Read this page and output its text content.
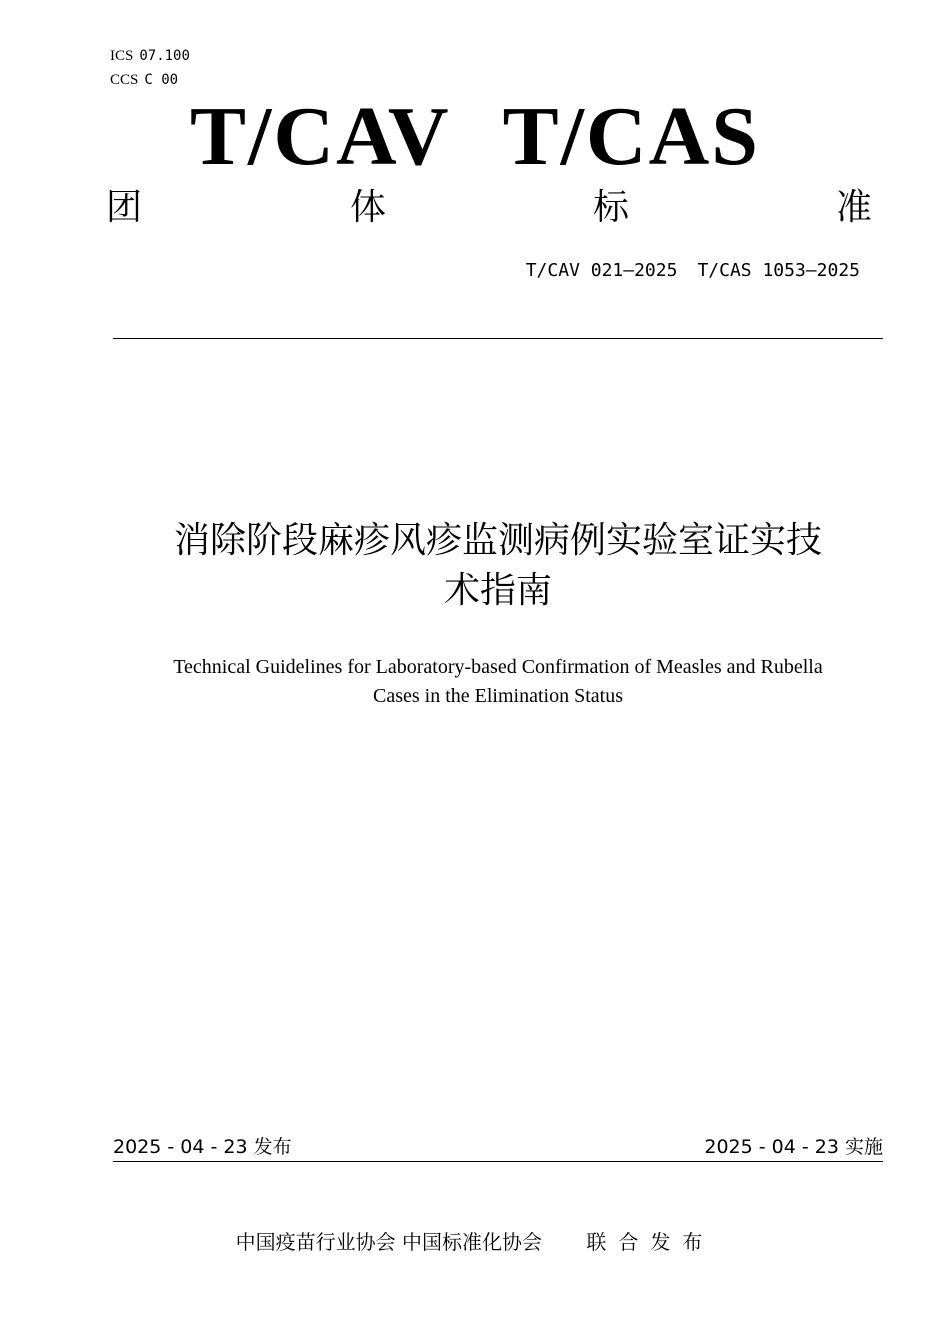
ICS 07.100
CCS C 00
T/CAV T/CAS
团	体	标	准
T/CAV 021—2025 T/CAS 1053—2025
消除阶段麻疹风疹监测病例实验室证实技
术指南
Technical Guidelines for Laboratory-based Confirmation of Measles and Rubella
Cases in the Elimination Status
2025 - 04 - 23 发布	2025 - 04 - 23 实施
中国疫苗行业协会 中国标准化协会 联合发布
